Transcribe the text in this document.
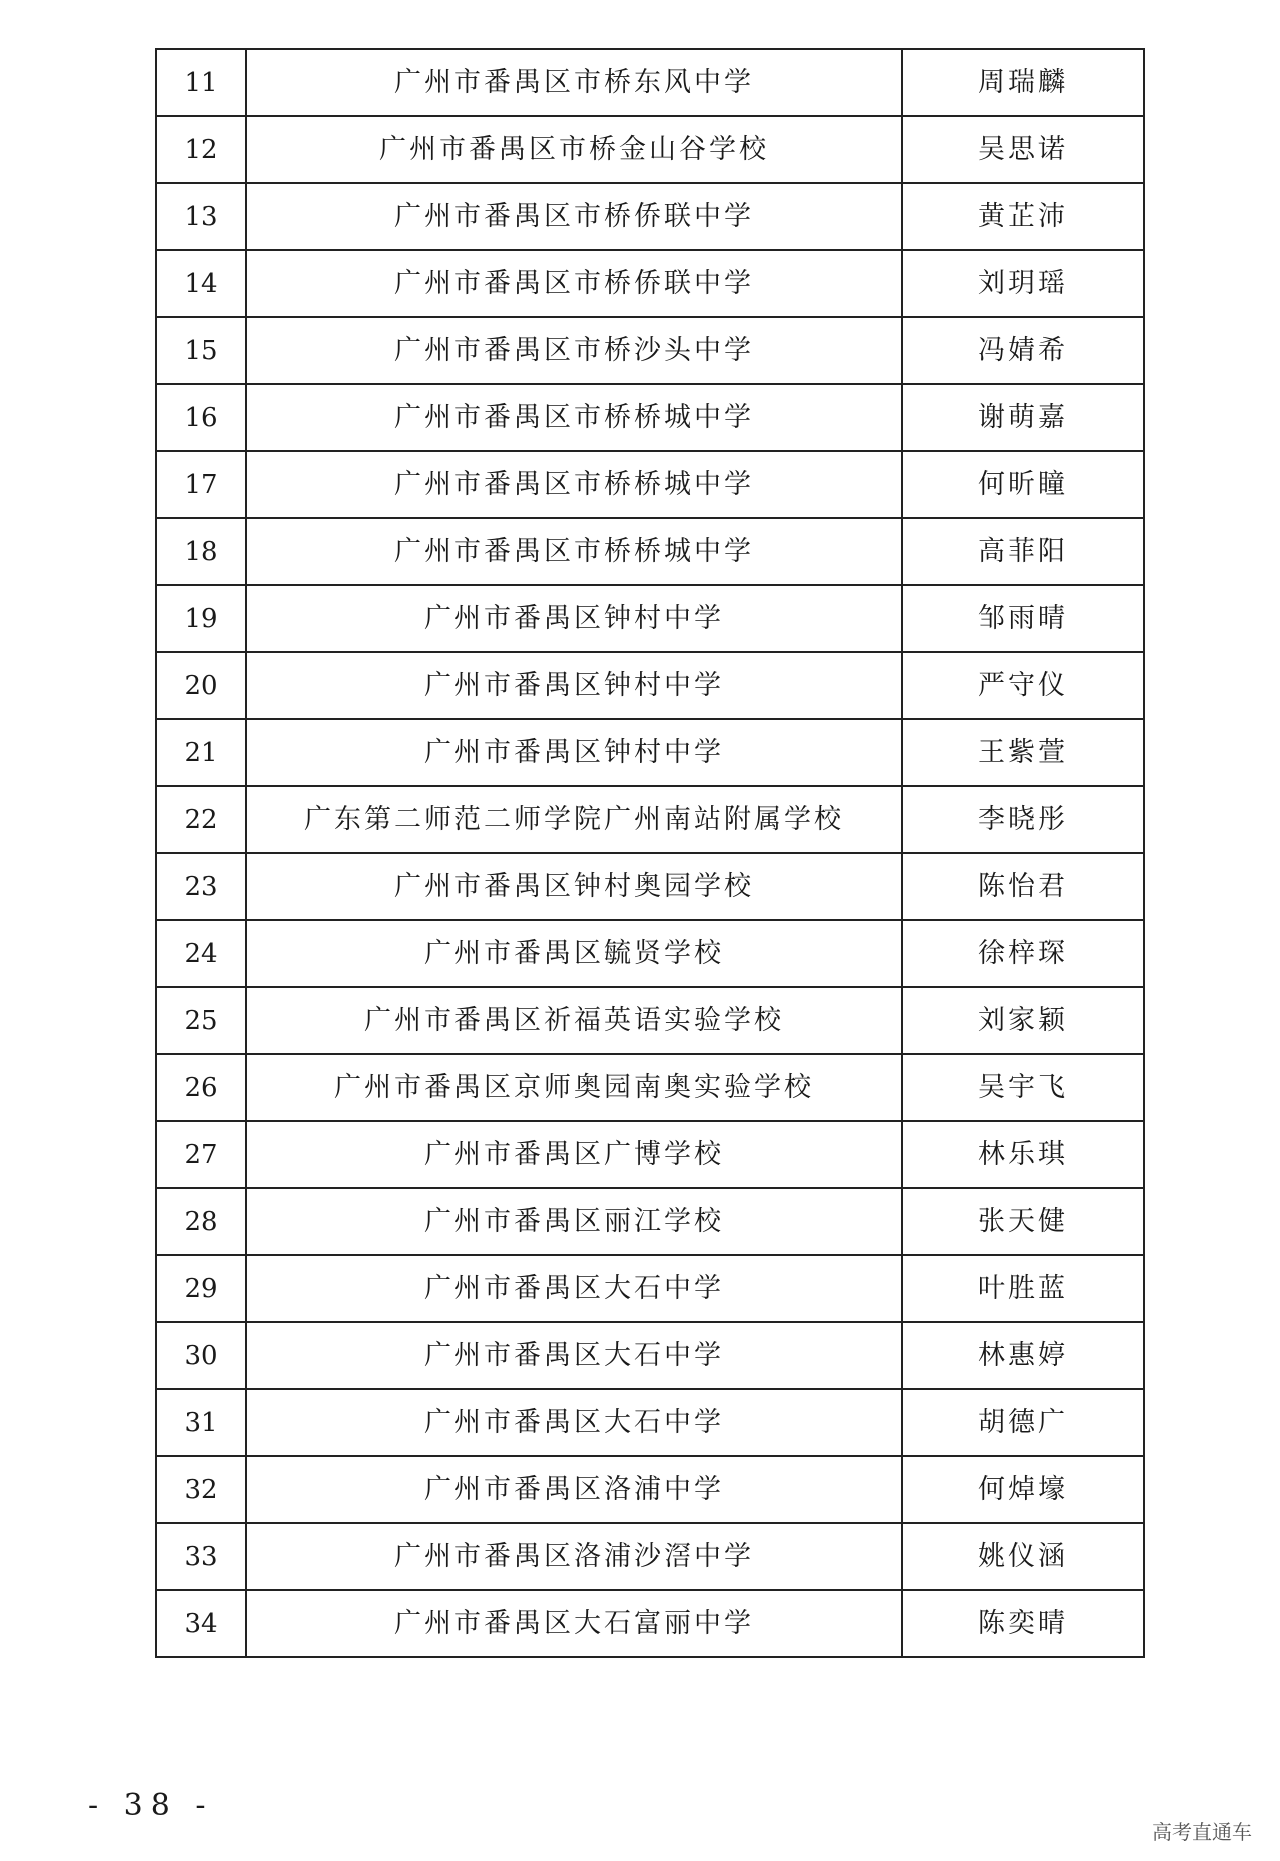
11	广州市番禺区市桥东风中学	周瑞麟
12	广州市番禺区市桥金山谷学校	吴思诺
13	广州市番禺区市桥侨联中学	黄芷沛
14	广州市番禺区市桥侨联中学	刘玥瑶
15	广州市番禺区市桥沙头中学	冯婧希
16	广州市番禺区市桥桥城中学	谢萌嘉
17	广州市番禺区市桥桥城中学	何昕瞳
18	广州市番禺区市桥桥城中学	高菲阳
19	广州市番禺区钟村中学	邹雨晴
20	广州市番禺区钟村中学	严守仪
21	广州市番禺区钟村中学	王紫萱
22	广东第二师范二师学院广州南站附属学校	李晓彤
23	广州市番禺区钟村奥园学校	陈怡君
24	广州市番禺区毓贤学校	徐梓琛
25	广州市番禺区祈福英语实验学校	刘家颖
26	广州市番禺区京师奥园南奥实验学校	吴宇飞
27	广州市番禺区广博学校	林乐琪
28	广州市番禺区丽江学校	张天健
29	广州市番禺区大石中学	叶胜蓝
30	广州市番禺区大石中学	林惠婷
31	广州市番禺区大石中学	胡德广
32	广州市番禺区洛浦中学	何焯壕
33	广州市番禺区洛浦沙滘中学	姚仪涵
34	广州市番禺区大石富丽中学	陈奕晴
- 38 -
高考直通车
